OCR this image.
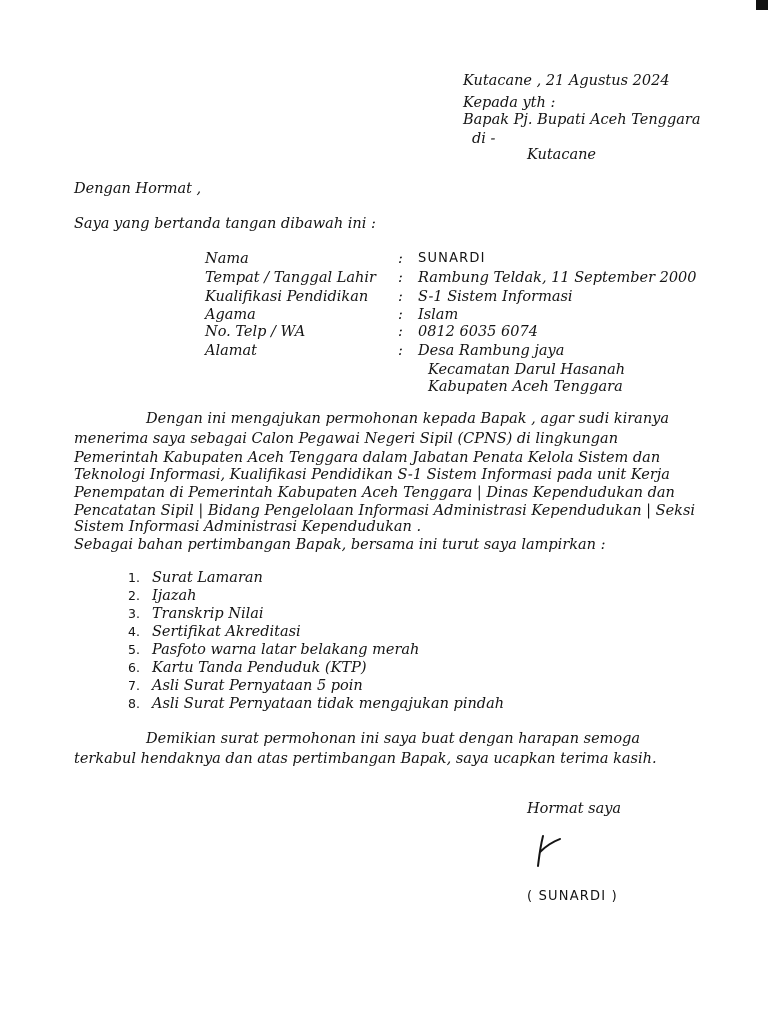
Kutacane , 21 Agustus 2024
Kepada yth :
Bapak Pj. Bupati Aceh Tenggara
di -
Kutacane
Dengan Hormat ,
Saya yang bertanda tangan dibawah ini :
Nama	: SUNARDI
Tempat / Tanggal Lahir : Rambung Teldak, 11 September 2000
Kualifikasi Pendidikan : S-1 Sistem Informasi
Agama	: Islam
No. Telp / WA	: 0812 6035 6074
Alamat	: Desa Rambung jaya
Kecamatan Darul Hasanah
Kabupaten Aceh Tenggara
Dengan ini mengajukan permohonan kepada Bapak , agar sudi kiranya
menerima saya sebagai Calon Pegawai Negeri Sipil (CPNS) di lingkungan
Pemerintah Kabupaten Aceh Tenggara dalam Jabatan Penata Kelola Sistem dan
Teknologi Informasi, Kualifikasi Pendidikan S-1 Sistem Informasi pada unit Kerja
Penempatan di Pemerintah Kabupaten Aceh Tenggara | Dinas Kependudukan dan
Pencatatan Sipil | Bidang Pengelolaan Informasi Administrasi Kependudukan | Seksi
Sistem Informasi Administrasi Kependudukan .
Sebagai bahan pertimbangan Bapak, bersama ini turut saya lampirkan :
1. Surat Lamaran
2. Ijazah
3. Transkrip Nilai
4. Sertifikat Akreditasi
5. Pasfoto warna latar belakang merah
6. Kartu Tanda Penduduk (KTP)
7. Asli Surat Pernyataan 5 poin
8. Asli Surat Pernyataan tidak mengajukan pindah
Demikian surat permohonan ini saya buat dengan harapan semoga
terkabul hendaknya dan atas pertimbangan Bapak, saya ucapkan terima kasih.
Hormat saya
( SUNARDI )
